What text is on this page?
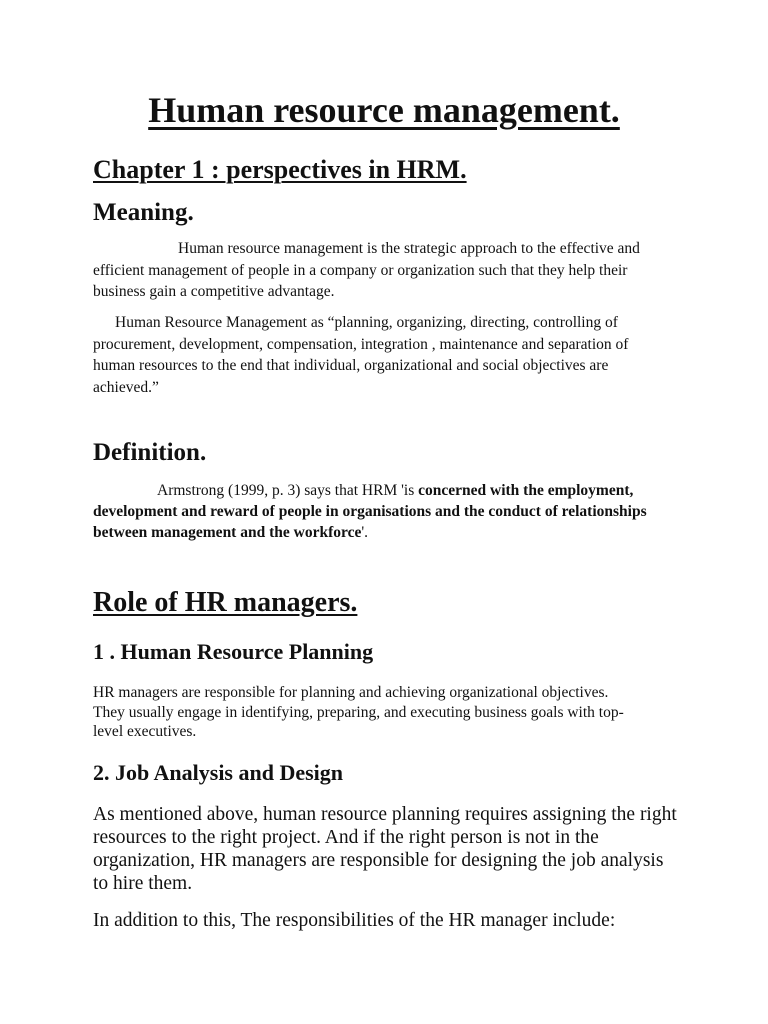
Human resource management.
Chapter 1 : perspectives in HRM.
Meaning.

Human resource management is the strategic approach to the effective and efficient management of people in a company or organization such that they help their business gain a competitive advantage.

Human Resource Management as “planning, organizing, directing, controlling of procurement, development, compensation, integration , maintenance and separation of human resources to the end that individual, organizational and social objectives are achieved.”

Definition.

Armstrong (1999, p. 3) says that HRM 'is concerned with the employment, development and reward of people in organisations and the conduct of relationships between management and the workforce'.

Role of HR managers.
1 . Human Resource Planning

HR managers are responsible for planning and achieving organizational objectives. They usually engage in identifying, preparing, and executing business goals with top-level executives.

2. Job Analysis and Design

As mentioned above, human resource planning requires assigning the right resources to the right project. And if the right person is not in the organization, HR managers are responsible for designing the job analysis to hire them.

In addition to this, The responsibilities of the HR manager include:
